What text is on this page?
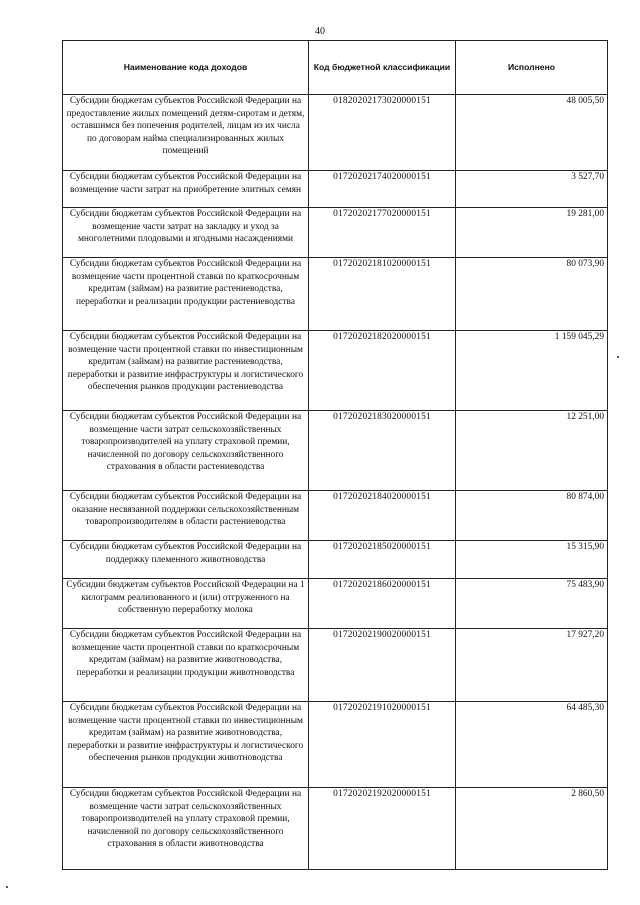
40
Наименование кода доходов	Код бюджетной классификации	Исполнено
Субсидии бюджетам субъектов Российской Федерации на предоставление жилых помещений детям-сиротам и детям, оставшимся без попечения родителей, лицам из их числа по договорам найма специализированных жилых помещений	01820202173020000151	48 005,50
Субсидии бюджетам субъектов Российской Федерации на возмещение части затрат на приобретение элитных семян	01720202174020000151	3 527,70
Субсидии бюджетам субъектов Российской Федерации на возмещение части затрат на закладку и уход за многолетними плодовыми и ягодными насаждениями	01720202177020000151	19 281,00
Субсидии бюджетам субъектов Российской Федерации на возмещение части процентной ставки по краткосрочным кредитам (займам) на развитие растениеводства, переработки и реализации продукции растениеводства	01720202181020000151	80 073,90
Субсидии бюджетам субъектов Российской Федерации на возмещение части процентной ставки по инвестиционным кредитам (займам) на развитие растениеводства, переработки и развитие инфраструктуры и логистического обеспечения рынков продукции растениеводства	01720202182020000151	1 159 045,29
Субсидии бюджетам субъектов Российской Федерации на возмещение части затрат сельскохозяйственных товаропроизводителей на уплату страховой премии, начисленной по договору сельскохозяйственного страхования в области растениеводства	01720202183020000151	12 251,00
Субсидии бюджетам субъектов Российской Федерации на оказание несвязанной поддержки сельскохозяйственным товаропроизводителям в области растениеводства	01720202184020000151	80 874,00
Субсидии бюджетам субъектов Российской Федерации на поддержку племенного животноводства	01720202185020000151	15 315,90
Субсидии бюджетам субъектов Российской Федерации на 1 килограмм реализованного и (или) отгруженного на собственную переработку молока	01720202186020000151	75 483,90
Субсидии бюджетам субъектов Российской Федерации на возмещение части процентной ставки по краткосрочным кредитам (займам) на развитие животноводства, переработки и реализации продукции животноводства	01720202190020000151	17 927,20
Субсидии бюджетам субъектов Российской Федерации на возмещение части процентной ставки по инвестиционным кредитам (займам) на развитие животноводства, переработки и развитие инфраструктуры и логистического обеспечения рынков продукции животноводства	01720202191020000151	64 485,30
Субсидии бюджетам субъектов Российской Федерации на возмещение части затрат сельскохозяйственных товаропроизводителей на уплату страховой премии, начисленной по договору сельскохозяйственного страхования в области животноводства	01720202192020000151	2 860,50
